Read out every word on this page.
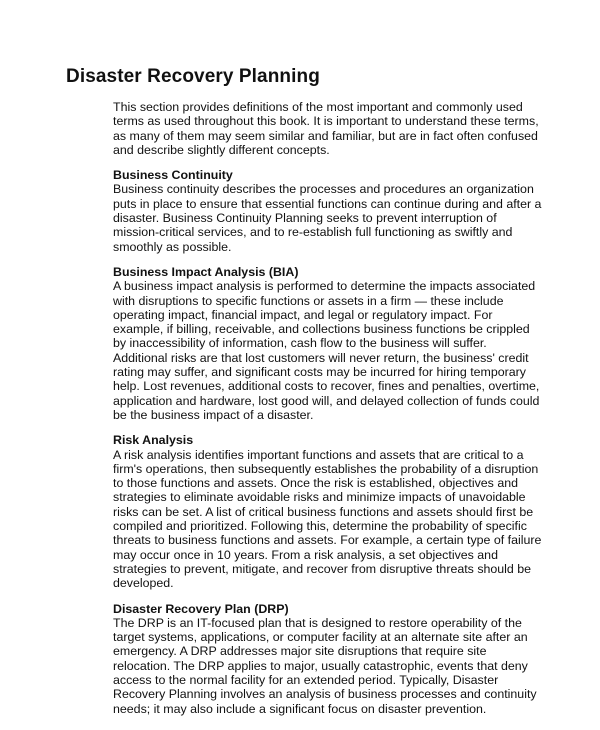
Disaster Recovery Planning

This section provides definitions of the most important and commonly used terms as used throughout this book. It is important to understand these terms, as many of them may seem similar and familiar, but are in fact often confused and describe slightly different concepts.

Business Continuity

Business continuity describes the processes and procedures an organization puts in place to ensure that essential functions can continue during and after a disaster. Business Continuity Planning seeks to prevent interruption of mission-critical services, and to re-establish full functioning as swiftly and smoothly as possible.

Business Impact Analysis (BIA)

A business impact analysis is performed to determine the impacts associated with disruptions to specific functions or assets in a firm — these include operating impact, financial impact, and legal or regulatory impact. For example, if billing, receivable, and collections business functions be crippled by inaccessibility of information, cash flow to the business will suffer. Additional risks are that lost customers will never return, the business' credit rating may suffer, and significant costs may be incurred for hiring temporary help. Lost revenues, additional costs to recover, fines and penalties, overtime, application and hardware, lost good will, and delayed collection of funds could be the business impact of a disaster.

Risk Analysis

A risk analysis identifies important functions and assets that are critical to a firm's operations, then subsequently establishes the probability of a disruption to those functions and assets. Once the risk is established, objectives and strategies to eliminate avoidable risks and minimize impacts of unavoidable risks can be set. A list of critical business functions and assets should first be compiled and prioritized. Following this, determine the probability of specific threats to business functions and assets. For example, a certain type of failure may occur once in 10 years. From a risk analysis, a set objectives and strategies to prevent, mitigate, and recover from disruptive threats should be developed.

Disaster Recovery Plan (DRP)

The DRP is an IT-focused plan that is designed to restore operability of the target systems, applications, or computer facility at an alternate site after an emergency. A DRP addresses major site disruptions that require site relocation. The DRP applies to major, usually catastrophic, events that deny access to the normal facility for an extended period. Typically, Disaster Recovery Planning involves an analysis of business processes and continuity needs; it may also include a significant focus on disaster prevention.
